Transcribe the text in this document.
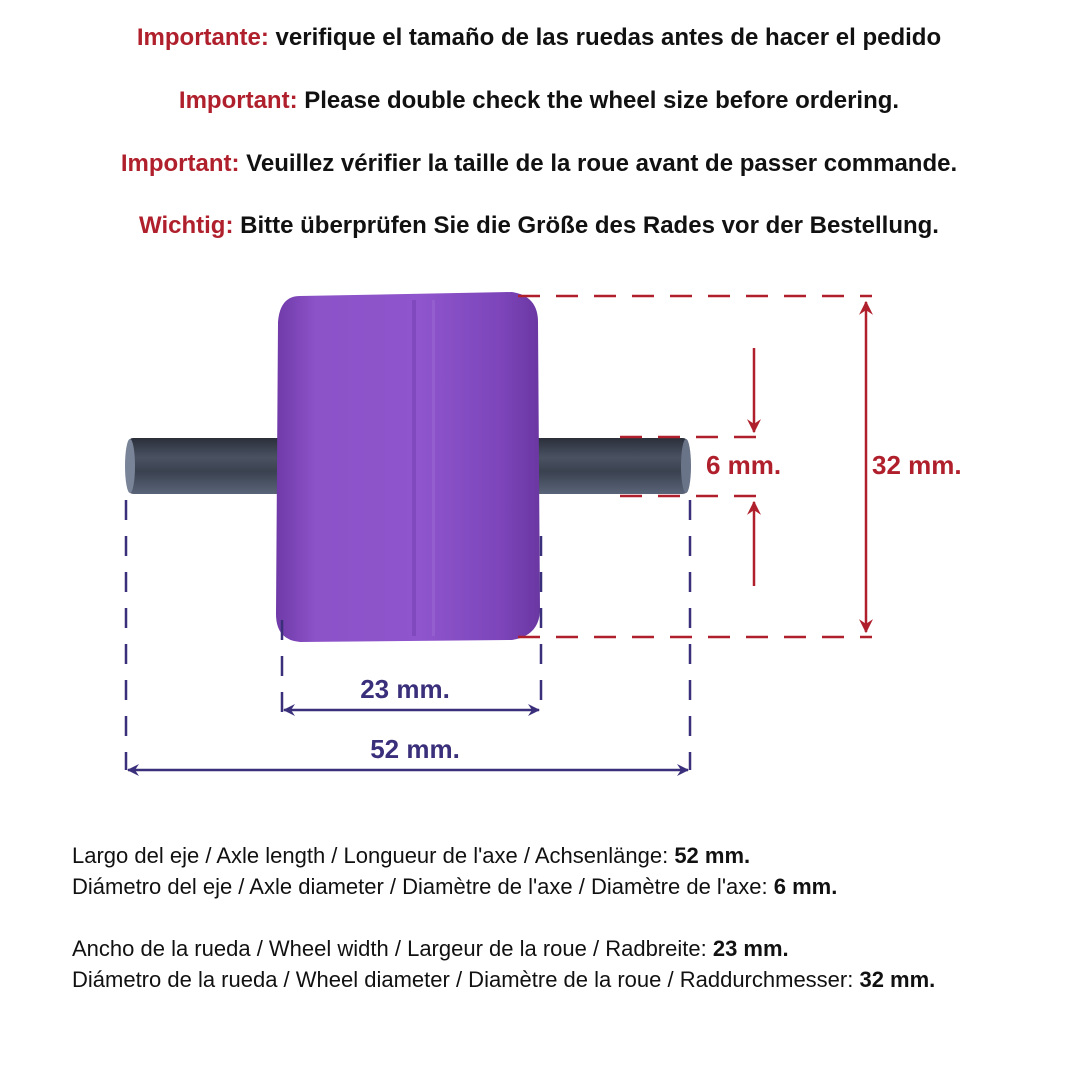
Importante: verifique el tamaño de las ruedas antes de hacer el pedido
Important: Please double check the wheel size before ordering.
Important: Veuillez vérifier la taille de la roue avant de passer commande.
Wichtig: Bitte überprüfen Sie die Größe des Rades vor der Bestellung.
6 mm.	32 mm.
23 mm.
52 mm.
Largo del eje / Axle length / Longueur de l'axe / Achsenlänge: 52 mm.
Diámetro del eje / Axle diameter / Diamètre de l'axe / Diamètre de l'axe: 6 mm.
Ancho de la rueda / Wheel width / Largeur de la roue / Radbreite: 23 mm.
Diámetro de la rueda / Wheel diameter / Diamètre de la roue / Raddurchmesser: 32 mm.
